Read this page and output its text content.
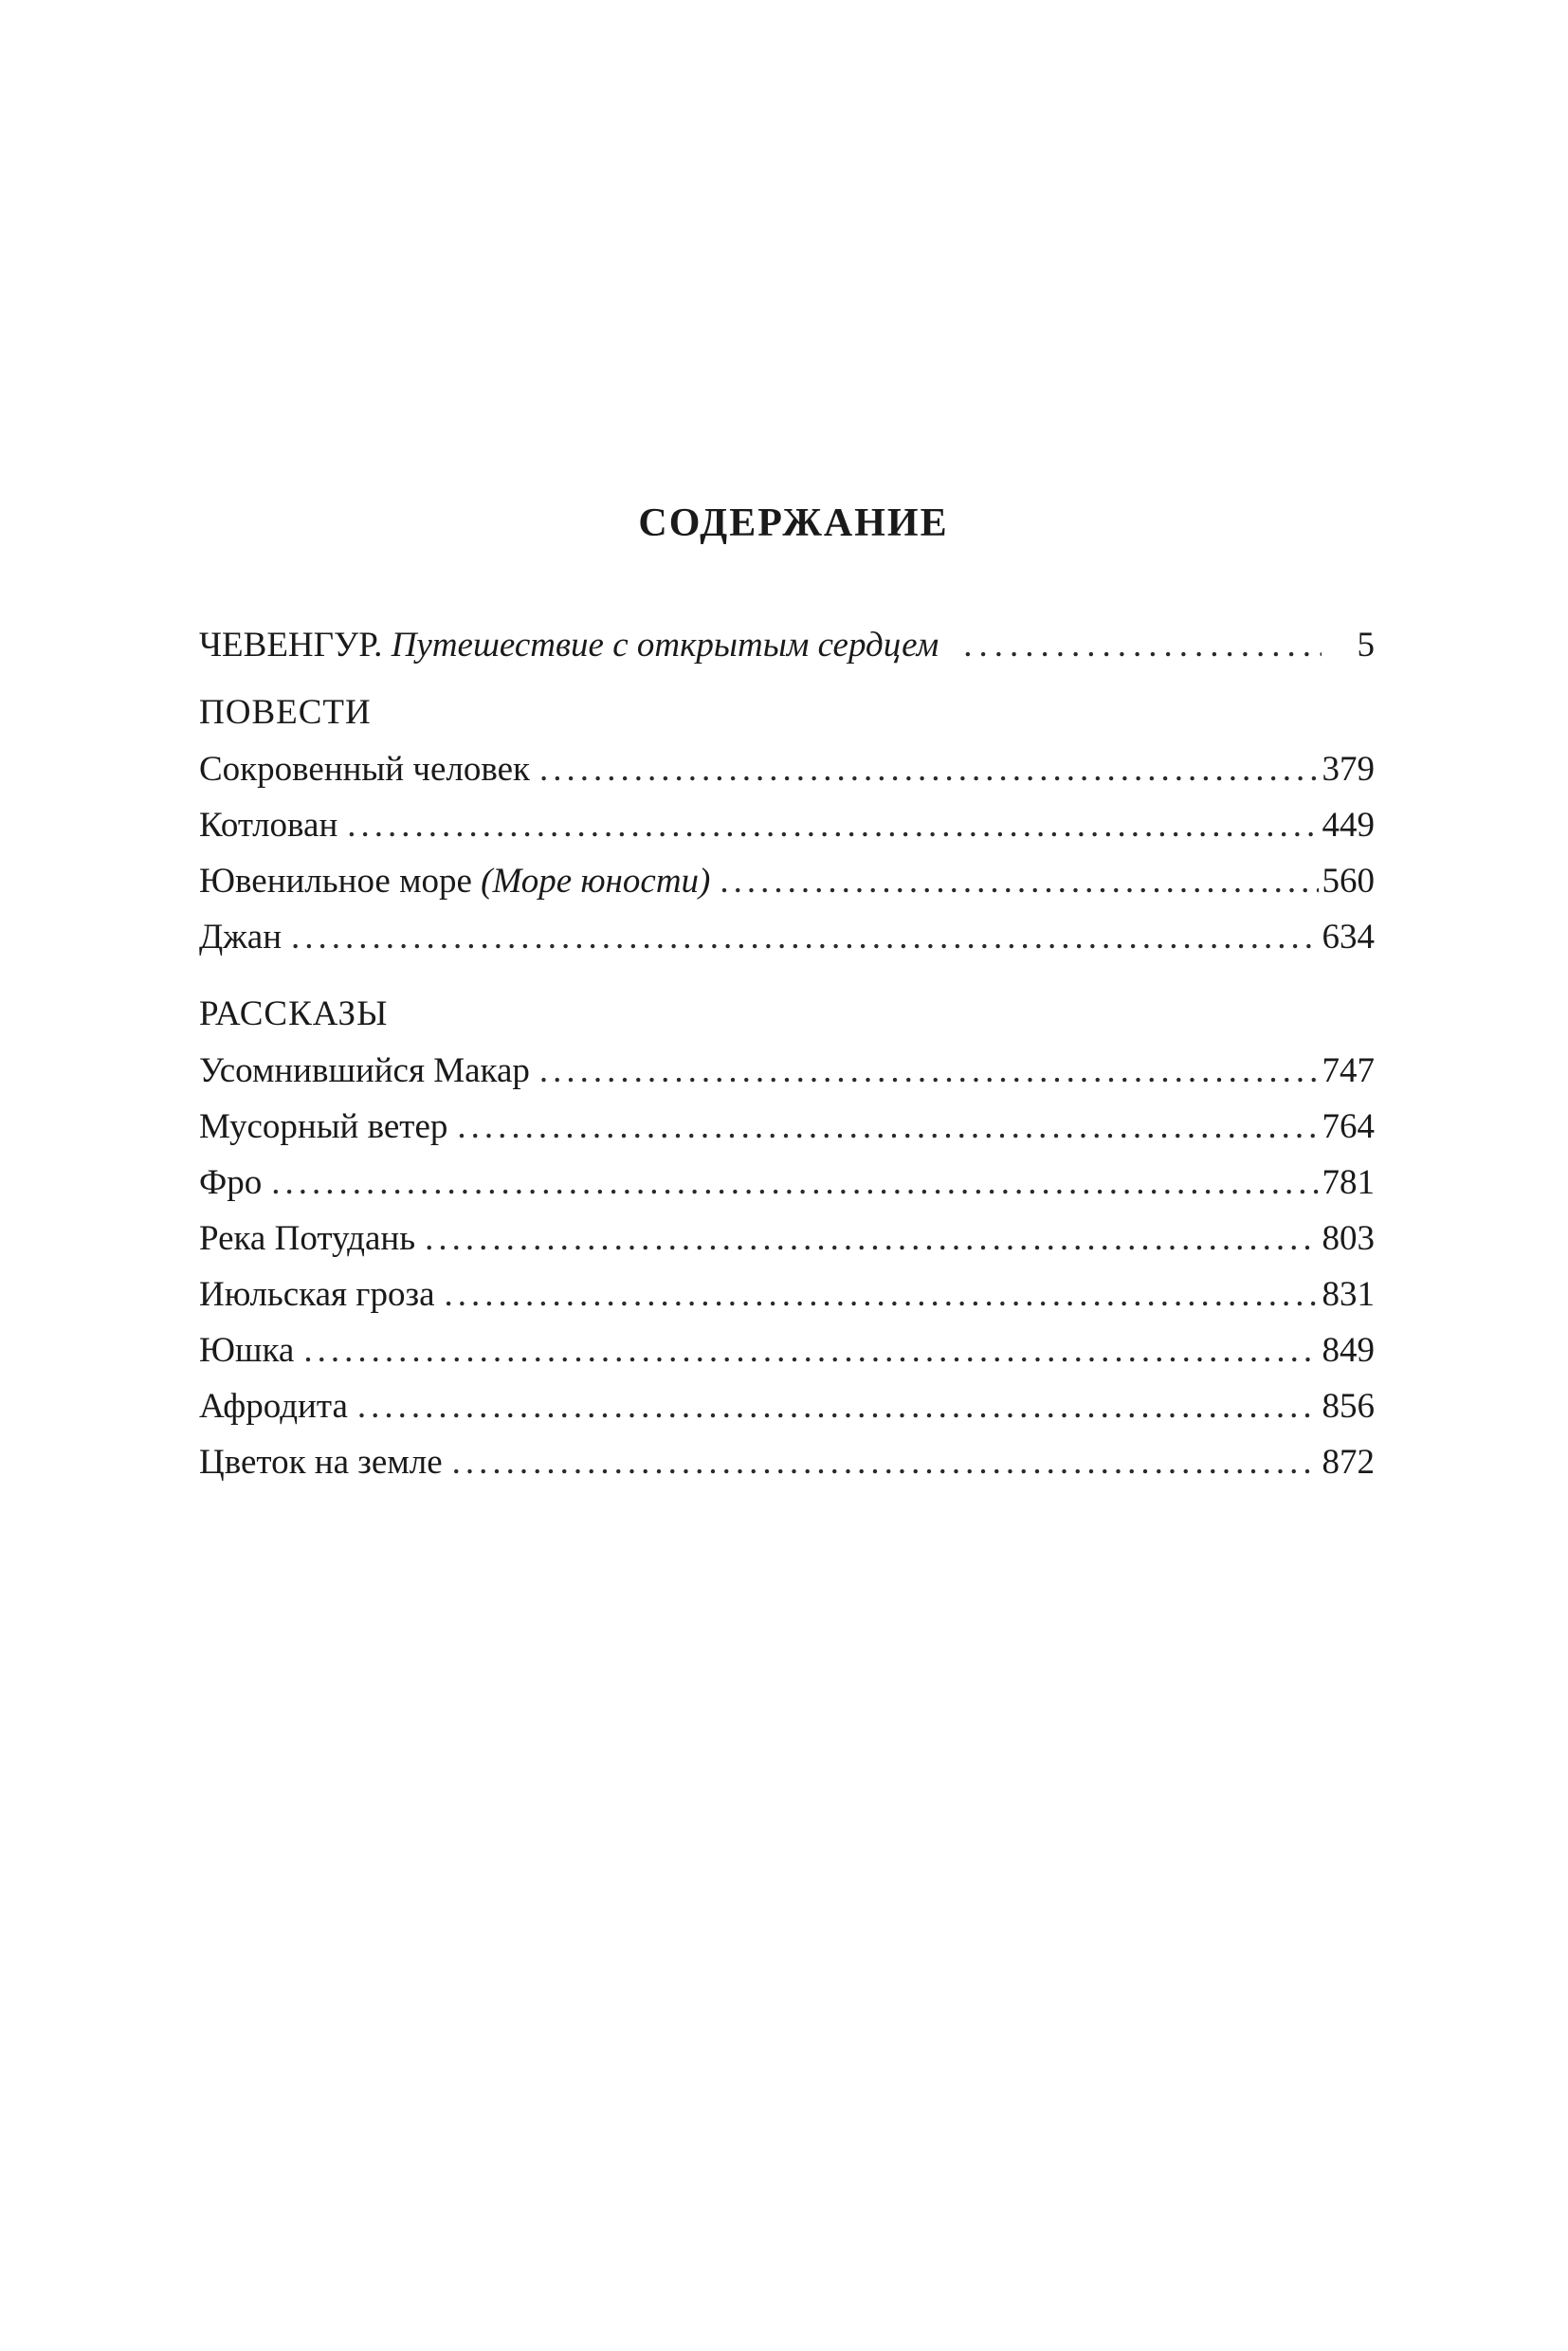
СОДЕРЖАНИЕ
ЧЕВЕНГУР. Путешествие с открытым сердцем .....	5
ПОВЕСТИ
Сокровенный человек .....	379
Котлован .....	449
Ювенильное море (Море юности) .....	560
Джан .....	634
РАССКАЗЫ
Усомнившийся Макар .....	747
Мусорный ветер .....	764
Фро .....	781
Река Потудань .....	803
Июльская гроза .....	831
Юшка .....	849
Афродита .....	856
Цветок на земле .....	872
